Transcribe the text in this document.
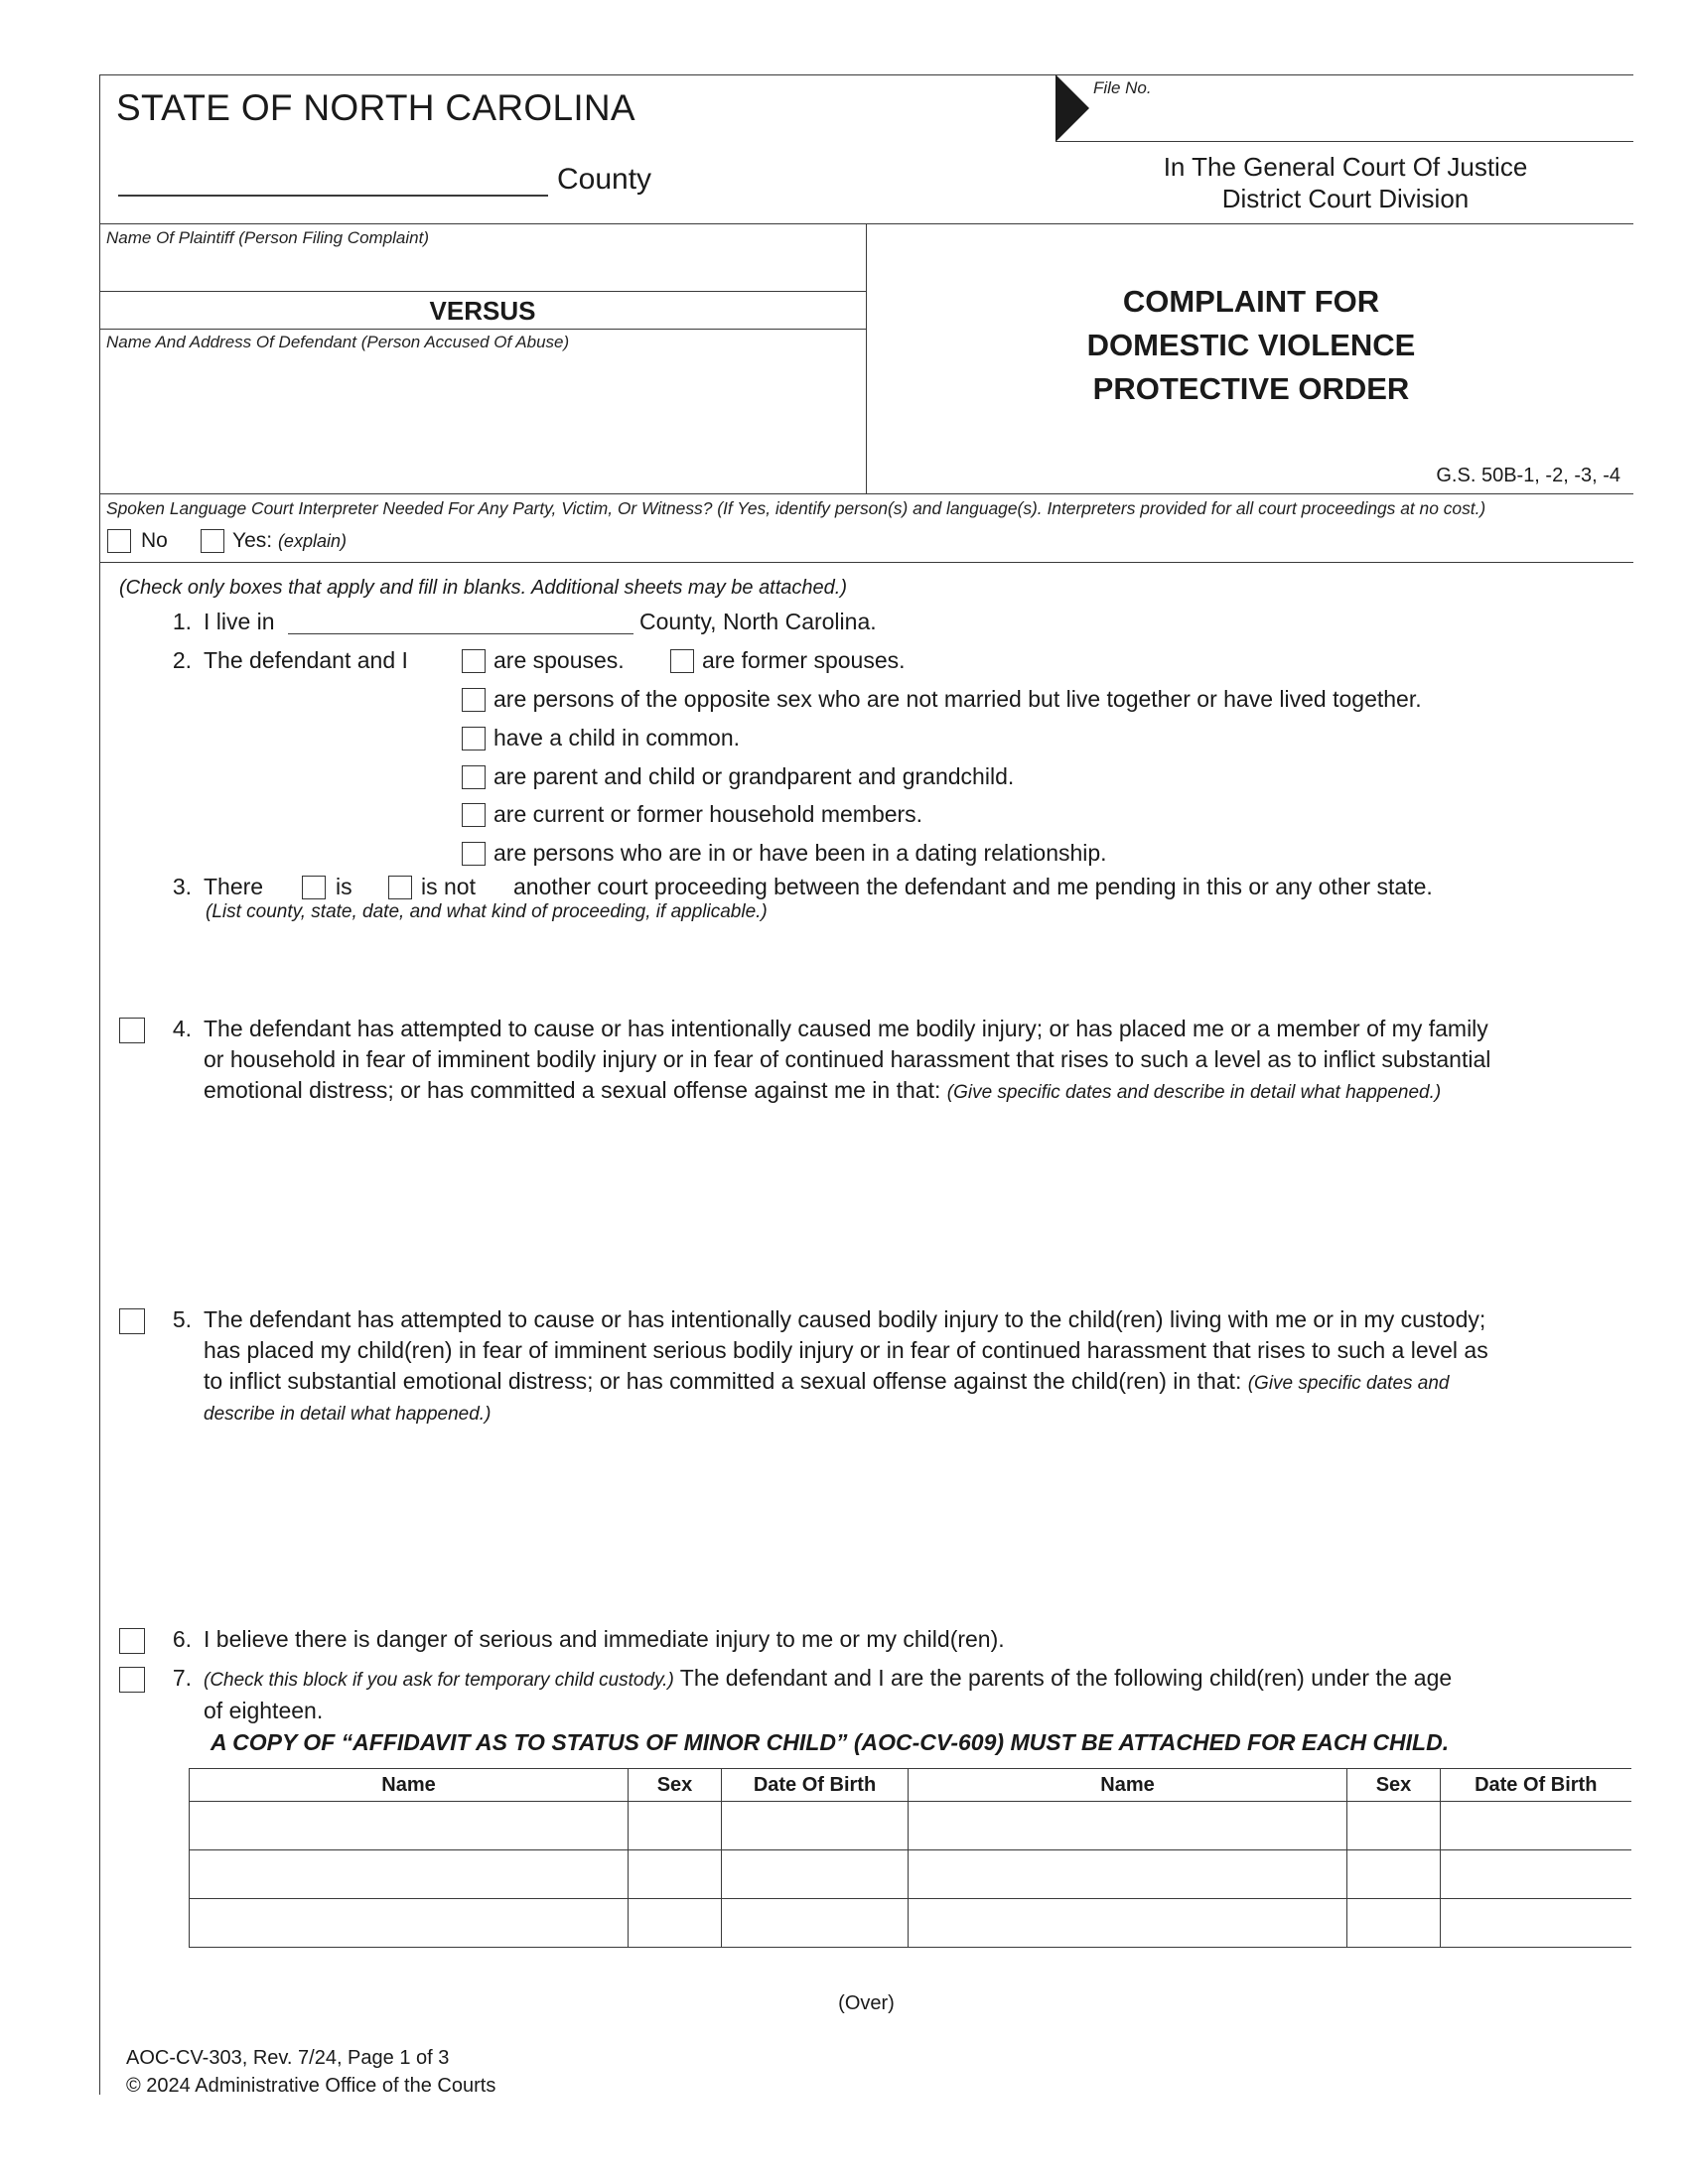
STATE OF NORTH CAROLINA
County
File No.
In The General Court Of Justice
District Court Division
Name Of Plaintiff (Person Filing Complaint)
VERSUS
Name And Address Of Defendant (Person Accused Of Abuse)
COMPLAINT FOR
DOMESTIC VIOLENCE
PROTECTIVE ORDER
G.S. 50B-1, -2, -3, -4
Spoken Language Court Interpreter Needed For Any Party, Victim, Or Witness? (If Yes, identify person(s) and language(s). Interpreters provided for all court proceedings at no cost.)
No	Yes: (explain)
(Check only boxes that apply and fill in blanks. Additional sheets may be attached.)
1. I live in	County, North Carolina.
2. The defendant and I	are spouses.	are former spouses.
are persons of the opposite sex who are not married but live together or have lived together.
have a child in common.
are parent and child or grandparent and grandchild.
are current or former household members.
are persons who are in or have been in a dating relationship.
3. There	is	is not another court proceeding between the defendant and me pending in this or any other state.
(List county, state, date, and what kind of proceeding, if applicable.)
4. The defendant has attempted to cause or has intentionally caused me bodily injury; or has placed me or a member of my family
or household in fear of imminent bodily injury or in fear of continued harassment that rises to such a level as to inflict substantial
emotional distress; or has committed a sexual offense against me in that: (Give specific dates and describe in detail what happened.)
5. The defendant has attempted to cause or has intentionally caused bodily injury to the child(ren) living with me or in my custody;
has placed my child(ren) in fear of imminent serious bodily injury or in fear of continued harassment that rises to such a level as
to inflict substantial emotional distress; or has committed a sexual offense against the child(ren) in that: (Give specific dates and
describe in detail what happened.)
6. I believe there is danger of serious and immediate injury to me or my child(ren).
7. (Check this block if you ask for temporary child custody.) The defendant and I are the parents of the following child(ren) under the age
of eighteen.
A COPY OF “AFFIDAVIT AS TO STATUS OF MINOR CHILD” (AOC-CV-609) MUST BE ATTACHED FOR EACH CHILD.
Name	Sex	Date Of Birth	Name	Sex	Date Of Birth

(Over)
AOC-CV-303, Rev. 7/24, Page 1 of 3
© 2024 Administrative Office of the Courts
